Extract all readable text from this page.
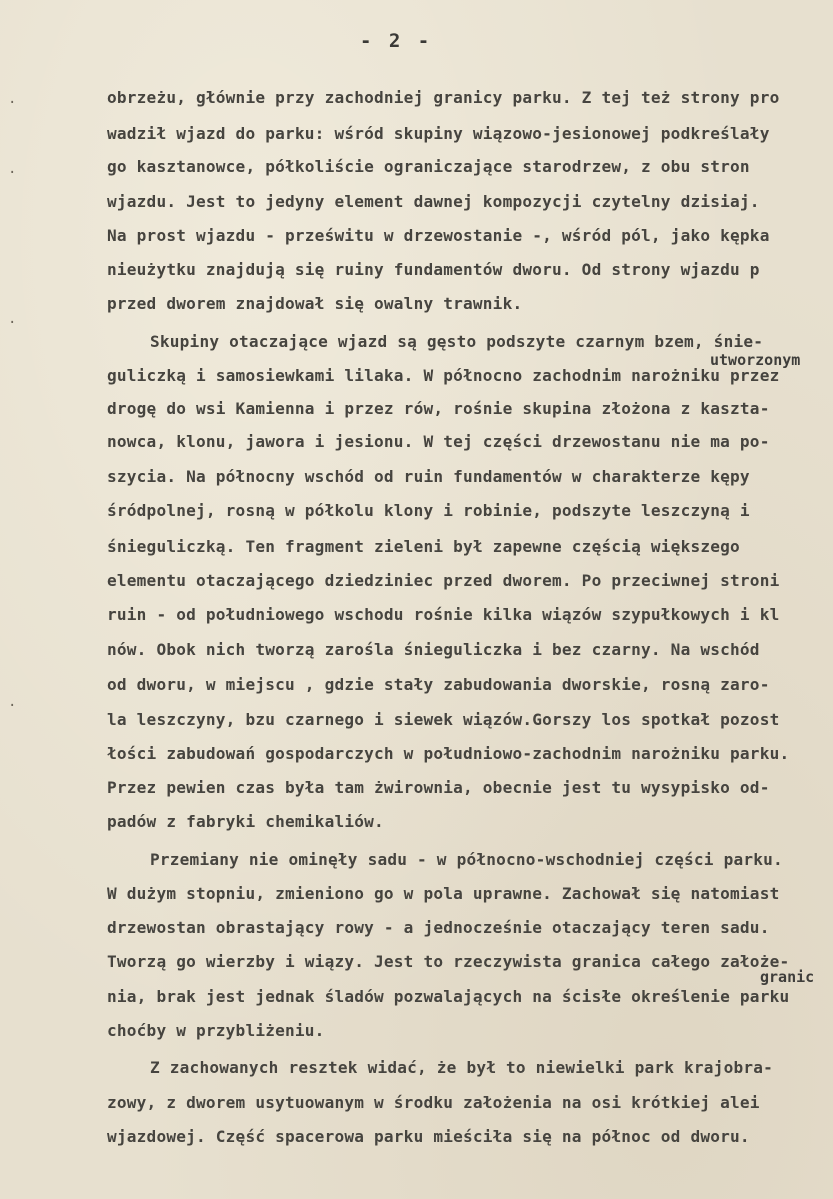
- 2 -
·
·
·
·
utworzonym
granic
obrzeżu, głównie przy zachodniej granicy parku. Z tej też strony pro
wadził wjazd do parku: wśród skupiny wiązowo-jesionowej podkreślały
go kasztanowce, półkoliście ograniczające starodrzew, z obu stron
wjazdu. Jest to jedyny element dawnej kompozycji czytelny dzisiaj.
Na prost wjazdu - prześwitu w drzewostanie -, wśród pól, jako kępka
nieużytku znajdują się ruiny fundamentów dworu. Od strony wjazdu p
przed dworem znajdował się owalny trawnik.
Skupiny otaczające wjazd są gęsto podszyte czarnym bzem, śnie-
guliczką i samosiewkami lilaka. W północno zachodnim narożniku przez
drogę do wsi Kamienna i przez rów, rośnie skupina złożona z kaszta-
nowca, klonu, jawora i jesionu. W tej części drzewostanu nie ma po-
szycia. Na północny wschód od ruin fundamentów w charakterze kępy
śródpolnej, rosną w półkolu klony i robinie, podszyte leszczyną i
śnieguliczką. Ten fragment zieleni był zapewne częścią większego
elementu otaczającego dziedziniec przed dworem. Po przeciwnej stroni
ruin - od południowego wschodu rośnie kilka wiązów szypułkowych i kl
nów. Obok nich tworzą zarośla śnieguliczka i bez czarny. Na wschód
od dworu, w miejscu , gdzie stały zabudowania dworskie, rosną zaro-
la leszczyny, bzu czarnego i siewek wiązów.Gorszy los spotkał pozost
łości zabudowań gospodarczych w południowo-zachodnim narożniku parku.
Przez pewien czas była tam żwirownia, obecnie jest tu wysypisko od-
padów z fabryki chemikaliów.
Przemiany nie ominęły sadu - w północno-wschodniej części parku.
W dużym stopniu, zmieniono go w pola uprawne. Zachował się natomiast
drzewostan obrastający rowy - a jednocześnie otaczający teren sadu.
Tworzą go wierzby i wiązy. Jest to rzeczywista granica całego założe-
nia, brak jest jednak śladów pozwalających na ścisłe określenie parku
choćby w przybliżeniu.
Z zachowanych resztek widać, że był to niewielki park krajobra-
zowy, z dworem usytuowanym w środku założenia na osi krótkiej alei
wjazdowej. Część spacerowa parku mieściła się na północ od dworu.
